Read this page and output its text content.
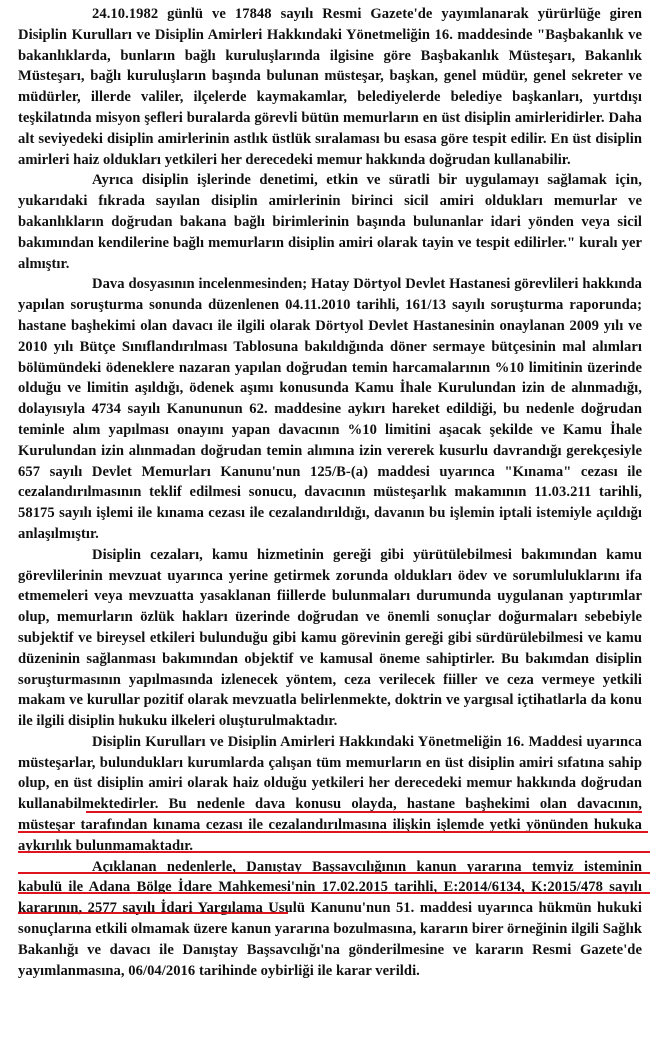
24.10.1982 günlü ve 17848 sayılı Resmi Gazete'de yayımlanarak yürürlüğe giren Disiplin Kurulları ve Disiplin Amirleri Hakkındaki Yönetmeliğin 16. maddesinde "Başbakanlık ve bakanlıklarda, bunların bağlı kuruluşlarında ilgisine göre Başbakanlık Müsteşarı, Bakanlık Müsteşarı, bağlı kuruluşların başında bulunan müsteşar, başkan, genel müdür, genel sekreter ve müdürler, illerde valiler, ilçelerde kaymakamlar, belediyelerde belediye başkanları, yurtdışı teşkilatında misyon şefleri buralarda görevli bütün memurların en üst disiplin amirleridirler. Daha alt seviyedeki disiplin amirlerinin astlık üstlük sıralaması bu esasa göre tespit edilir. En üst disiplin amirleri haiz oldukları yetkileri her derecedeki memur hakkında doğrudan kullanabilir.

Ayrıca disiplin işlerinde denetimi, etkin ve süratli bir uygulamayı sağlamak için, yukarıdaki fıkrada sayılan disiplin amirlerinin birinci sicil amiri oldukları memurlar ve bakanlıkların doğrudan bakana bağlı birimlerinin başında bulunanlar idari yönden veya sicil bakımından kendilerine bağlı memurların disiplin amiri olarak tayin ve tespit edilirler." kuralı yer almıştır.

Dava dosyasının incelenmesinden; Hatay Dörtyol Devlet Hastanesi görevlileri hakkında yapılan soruşturma sonunda düzenlenen 04.11.2010 tarihli, 161/13 sayılı soruşturma raporunda; hastane başhekimi olan davacı ile ilgili olarak Dörtyol Devlet Hastanesinin onaylanan 2009 yılı ve 2010 yılı Bütçe Sınıflandırılması Tablosuna bakıldığında döner sermaye bütçesinin mal alımları bölümündeki ödeneklere nazaran yapılan doğrudan temin harcamalarının %10 limitinin üzerinde olduğu ve limitin aşıldığı, ödenek aşımı konusunda Kamu İhale Kurulundan izin de alınmadığı, dolayısıyla 4734 sayılı Kanununun 62. maddesine aykırı hareket edildiği, bu nedenle doğrudan teminle alım yapılması onayını yapan davacının %10 limitini aşacak şekilde ve Kamu İhale Kurulundan izin alınmadan doğrudan temin alımına izin vererek kusurlu davrandığı gerekçesiyle 657 sayılı Devlet Memurları Kanunu'nun 125/B-(a) maddesi uyarınca "Kınama" cezası ile cezalandırılmasının teklif edilmesi sonucu, davacının müsteşarlık makamının 11.03.211 tarihli, 58175 sayılı işlemi ile kınama cezası ile cezalandırıldığı, davanın bu işlemin iptali istemiyle açıldığı anlaşılmıştır.

Disiplin cezaları, kamu hizmetinin gereği gibi yürütülebilmesi bakımından kamu görevlilerinin mevzuat uyarınca yerine getirmek zorunda oldukları ödev ve sorumluluklarını ifa etmemeleri veya mevzuatta yasaklanan fiillerde bulunmaları durumunda uygulanan yaptırımlar olup, memurların özlük hakları üzerinde doğrudan ve önemli sonuçlar doğurmaları sebebiyle subjektif ve bireysel etkileri bulunduğu gibi kamu görevinin gereği gibi sürdürülebilmesi ve kamu düzeninin sağlanması bakımından objektif ve kamusal öneme sahiptirler. Bu bakımdan disiplin soruşturmasının yapılmasında izlenecek yöntem, ceza verilecek fiiller ve ceza vermeye yetkili makam ve kurullar pozitif olarak mevzuatla belirlenmekte, doktrin ve yargısal içtihatlarla da konu ile ilgili disiplin hukuku ilkeleri oluşturulmaktadır.

Disiplin Kurulları ve Disiplin Amirleri Hakkındaki Yönetmeliğin 16. Maddesi uyarınca müsteşarlar, bulundukları kurumlarda çalışan tüm memurların en üst disiplin amiri sıfatına sahip olup, en üst disiplin amiri olarak haiz olduğu yetkileri her derecedeki memur hakkında doğrudan kullanabilmektedirler. Bu nedenle dava konusu olayda, hastane başhekimi olan davacının, müsteşar tarafından kınama cezası ile cezalandırılmasına ilişkin işlemde yetki yönünden hukuka aykırılık bulunmamaktadır.

Açıklanan nedenlerle, Danıştay Başsavcılığının kanun yararına temyiz isteminin kabulü ile Adana Bölge İdare Mahkemesi'nin 17.02.2015 tarihli, E:2014/6134, K:2015/478 sayılı kararının, 2577 sayılı İdari Yargılama Usulü Kanunu'nun 51. maddesi uyarınca hükmün hukuki sonuçlarına etkili olmamak üzere kanun yararına bozulmasına, kararın birer örneğinin ilgili Sağlık Bakanlığı ve davacı ile Danıştay Başsavcılığı'na gönderilmesine ve kararın Resmi Gazete'de yayımlanmasına, 06/04/2016 tarihinde oybirliği ile karar verildi.
